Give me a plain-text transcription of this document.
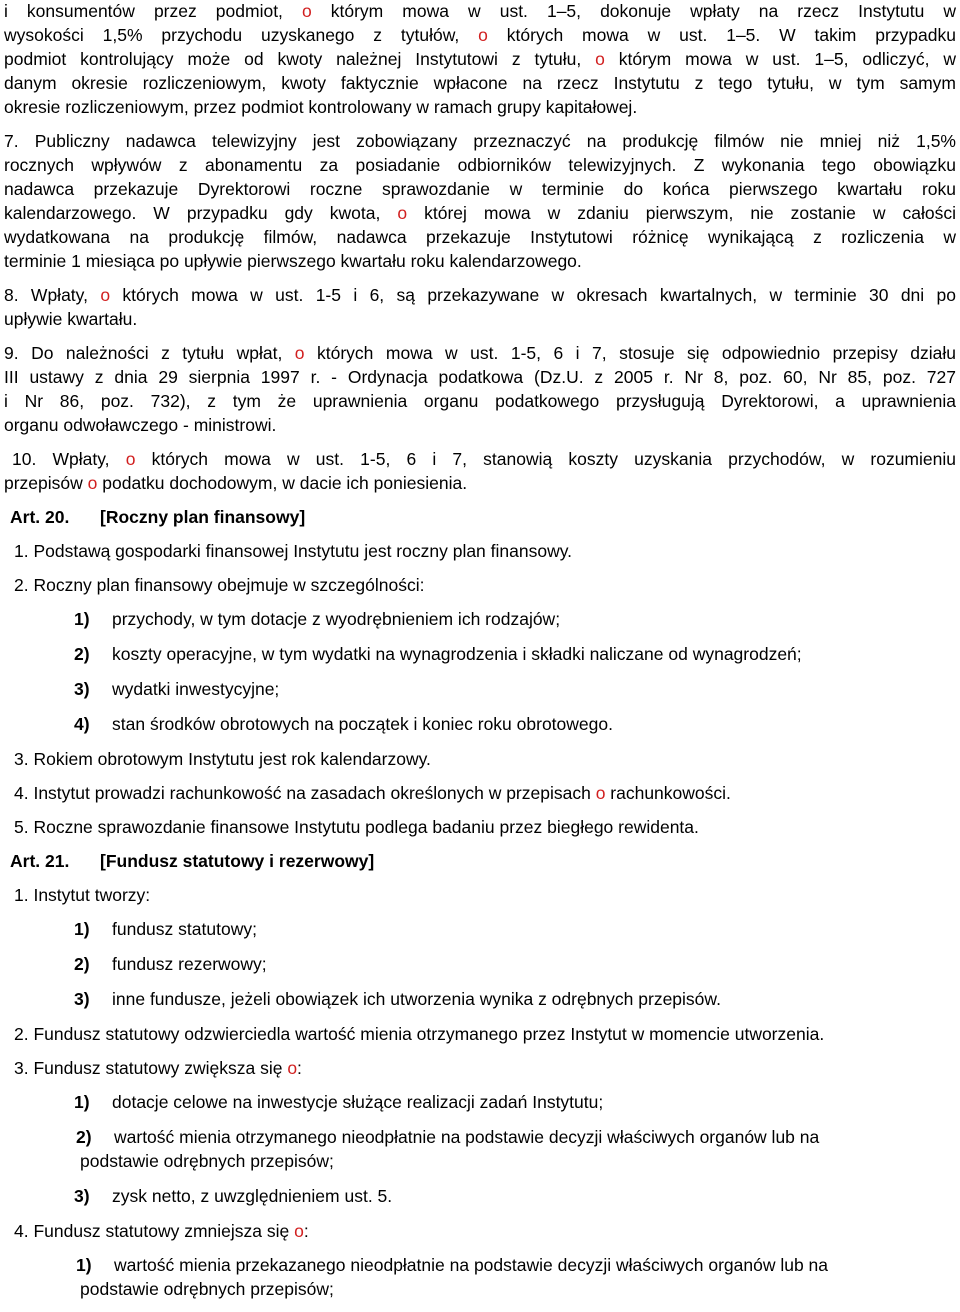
i konsumentów przez podmiot, o którym mowa w ust. 1–5, dokonuje wpłaty na rzecz Instytutu w
wysokości 1,5% przychodu uzyskanego z tytułów, o których mowa w ust. 1–5. W takim przypadku
podmiot kontrolujący może od kwoty należnej Instytutowi z tytułu, o którym mowa w ust. 1–5, odliczyć, w
danym okresie rozliczeniowym, kwoty faktycznie wpłacone na rzecz Instytutu z tego tytułu, w tym samym
okresie rozliczeniowym, przez podmiot kontrolowany w ramach grupy kapitałowej.
7. Publiczny nadawca telewizyjny jest zobowiązany przeznaczyć na produkcję filmów nie mniej niż 1,5%
rocznych wpływów z abonamentu za posiadanie odbiorników telewizyjnych. Z wykonania tego obowiązku
nadawca przekazuje Dyrektorowi roczne sprawozdanie w terminie do końca pierwszego kwartału roku
kalendarzowego. W przypadku gdy kwota, o której mowa w zdaniu pierwszym, nie zostanie w całości
wydatkowana na produkcję filmów, nadawca przekazuje Instytutowi różnicę wynikającą z rozliczenia w
terminie 1 miesiąca po upływie pierwszego kwartału roku kalendarzowego.
8. Wpłaty, o których mowa w ust. 1-5 i 6, są przekazywane w okresach kwartalnych, w terminie 30 dni po
upływie kwartału.
9. Do należności z tytułu wpłat, o których mowa w ust. 1-5, 6 i 7, stosuje się odpowiednio przepisy działu
III ustawy z dnia 29 sierpnia 1997 r. - Ordynacja podatkowa (Dz.U. z 2005 r. Nr 8, poz. 60, Nr 85, poz. 727
i Nr 86, poz. 732), z tym że uprawnienia organu podatkowego przysługują Dyrektorowi, a uprawnienia
organu odwoławczego - ministrowi.
10. Wpłaty, o których mowa w ust. 1-5, 6 i 7, stanowią koszty uzyskania przychodów, w rozumieniu
przepisów o podatku dochodowym, w dacie ich poniesienia.
Art. 20. [Roczny plan finansowy]
1. Podstawą gospodarki finansowej Instytutu jest roczny plan finansowy.
2. Roczny plan finansowy obejmuje w szczególności:
1) przychody, w tym dotacje z wyodrębnieniem ich rodzajów;
2) koszty operacyjne, w tym wydatki na wynagrodzenia i składki naliczane od wynagrodzeń;
3) wydatki inwestycyjne;
4) stan środków obrotowych na początek i koniec roku obrotowego.
3. Rokiem obrotowym Instytutu jest rok kalendarzowy.
4. Instytut prowadzi rachunkowość na zasadach określonych w przepisach o rachunkowości.
5. Roczne sprawozdanie finansowe Instytutu podlega badaniu przez biegłego rewidenta.
Art. 21. [Fundusz statutowy i rezerwowy]
1. Instytut tworzy:
1) fundusz statutowy;
2) fundusz rezerwowy;
3) inne fundusze, jeżeli obowiązek ich utworzenia wynika z odrębnych przepisów.
2. Fundusz statutowy odzwierciedla wartość mienia otrzymanego przez Instytut w momencie utworzenia.
3. Fundusz statutowy zwiększa się o:
1) dotacje celowe na inwestycje służące realizacji zadań Instytutu;
2) wartość mienia otrzymanego nieodpłatnie na podstawie decyzji właściwych organów lub na
podstawie odrębnych przepisów;
3) zysk netto, z uwzględnieniem ust. 5.
4. Fundusz statutowy zmniejsza się o:
1) wartość mienia przekazanego nieodpłatnie na podstawie decyzji właściwych organów lub na
podstawie odrębnych przepisów;
